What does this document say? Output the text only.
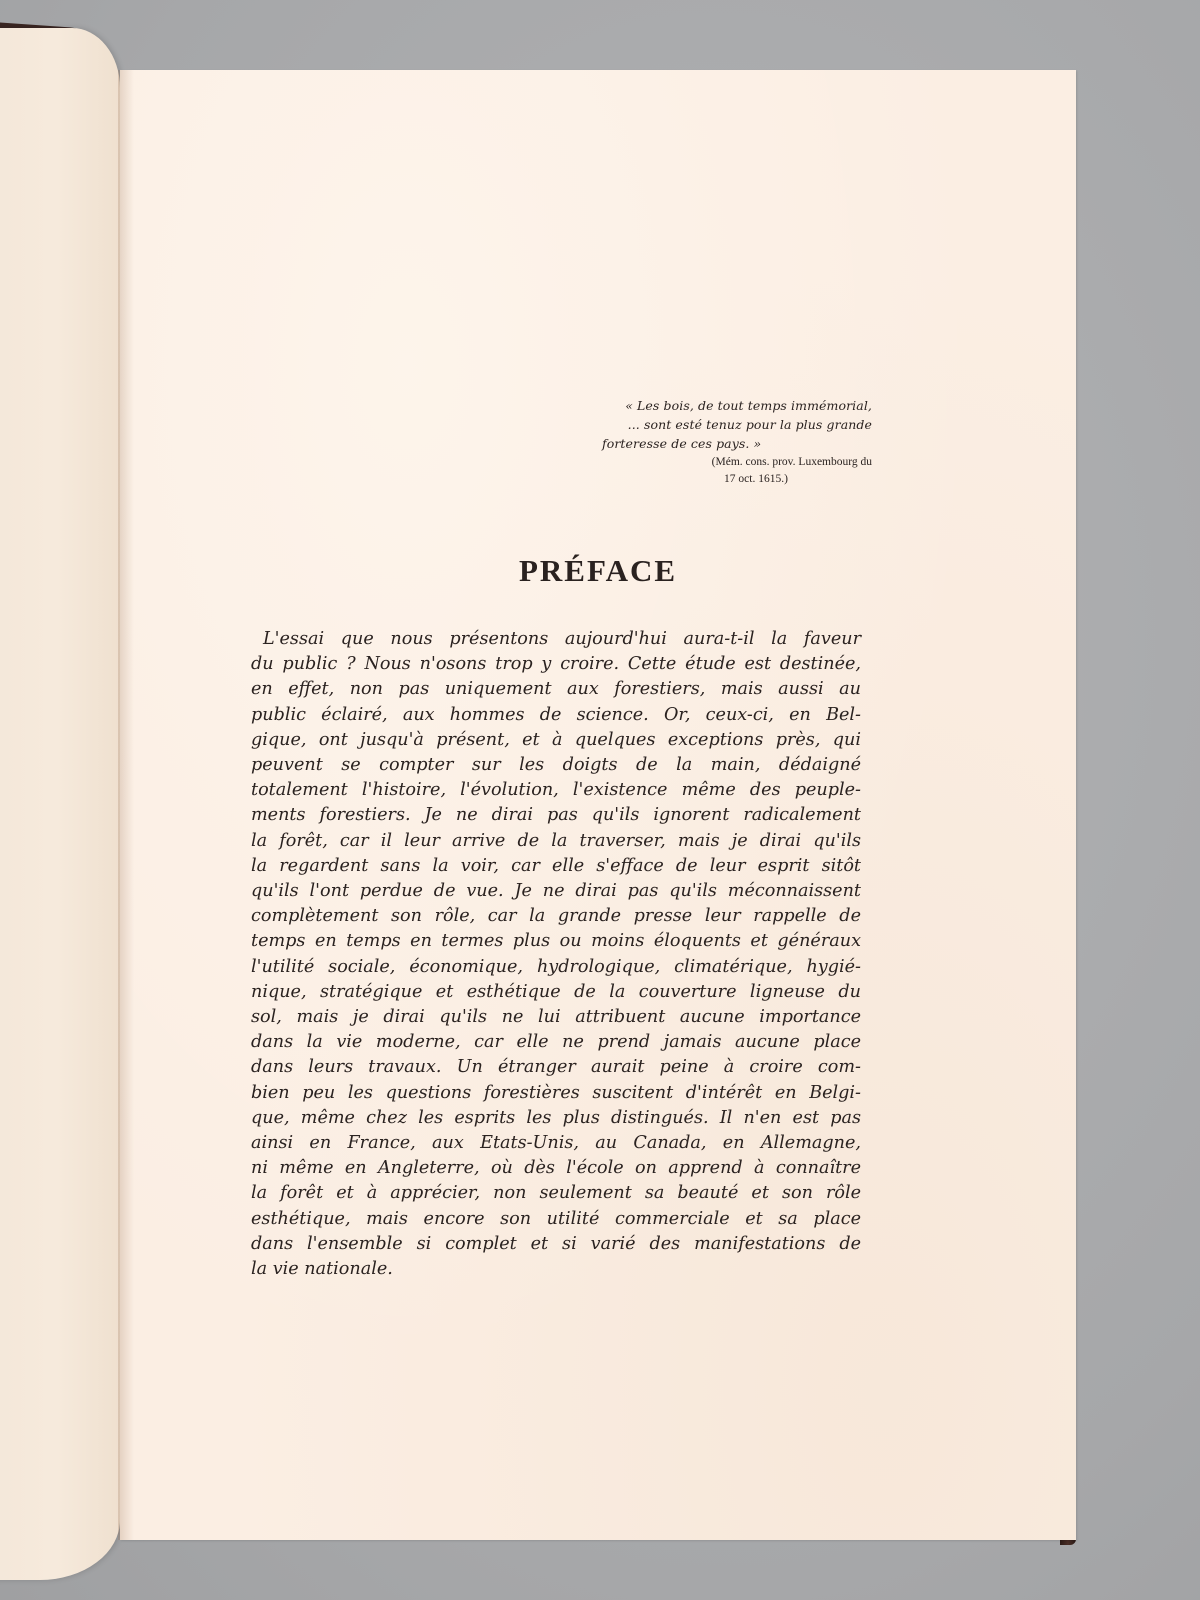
« Les bois, de tout temps immémorial,
... sont esté tenuz pour la plus grande
forteresse de ces pays. »
(Mém. cons. prov. Luxembourg du
17 oct. 1615.)
PRÉFACE
L'essai que nous présentons aujourd'hui aura-t-il la faveur
du public ? Nous n'osons trop y croire. Cette étude est destinée,
en effet, non pas uniquement aux forestiers, mais aussi au
public éclairé, aux hommes de science. Or, ceux-ci, en Bel-
gique, ont jusqu'à présent, et à quelques exceptions près, qui
peuvent se compter sur les doigts de la main, dédaigné
totalement l'histoire, l'évolution, l'existence même des peuple-
ments forestiers. Je ne dirai pas qu'ils ignorent radicalement
la forêt, car il leur arrive de la traverser, mais je dirai qu'ils
la regardent sans la voir, car elle s'efface de leur esprit sitôt
qu'ils l'ont perdue de vue. Je ne dirai pas qu'ils méconnaissent
complètement son rôle, car la grande presse leur rappelle de
temps en temps en termes plus ou moins éloquents et généraux
l'utilité sociale, économique, hydrologique, climatérique, hygié-
nique, stratégique et esthétique de la couverture ligneuse du
sol, mais je dirai qu'ils ne lui attribuent aucune importance
dans la vie moderne, car elle ne prend jamais aucune place
dans leurs travaux. Un étranger aurait peine à croire com-
bien peu les questions forestières suscitent d'intérêt en Belgi-
que, même chez les esprits les plus distingués. Il n'en est pas
ainsi en France, aux Etats-Unis, au Canada, en Allemagne,
ni même en Angleterre, où dès l'école on apprend à connaître
la forêt et à apprécier, non seulement sa beauté et son rôle
esthétique, mais encore son utilité commerciale et sa place
dans l'ensemble si complet et si varié des manifestations de
la vie nationale.
